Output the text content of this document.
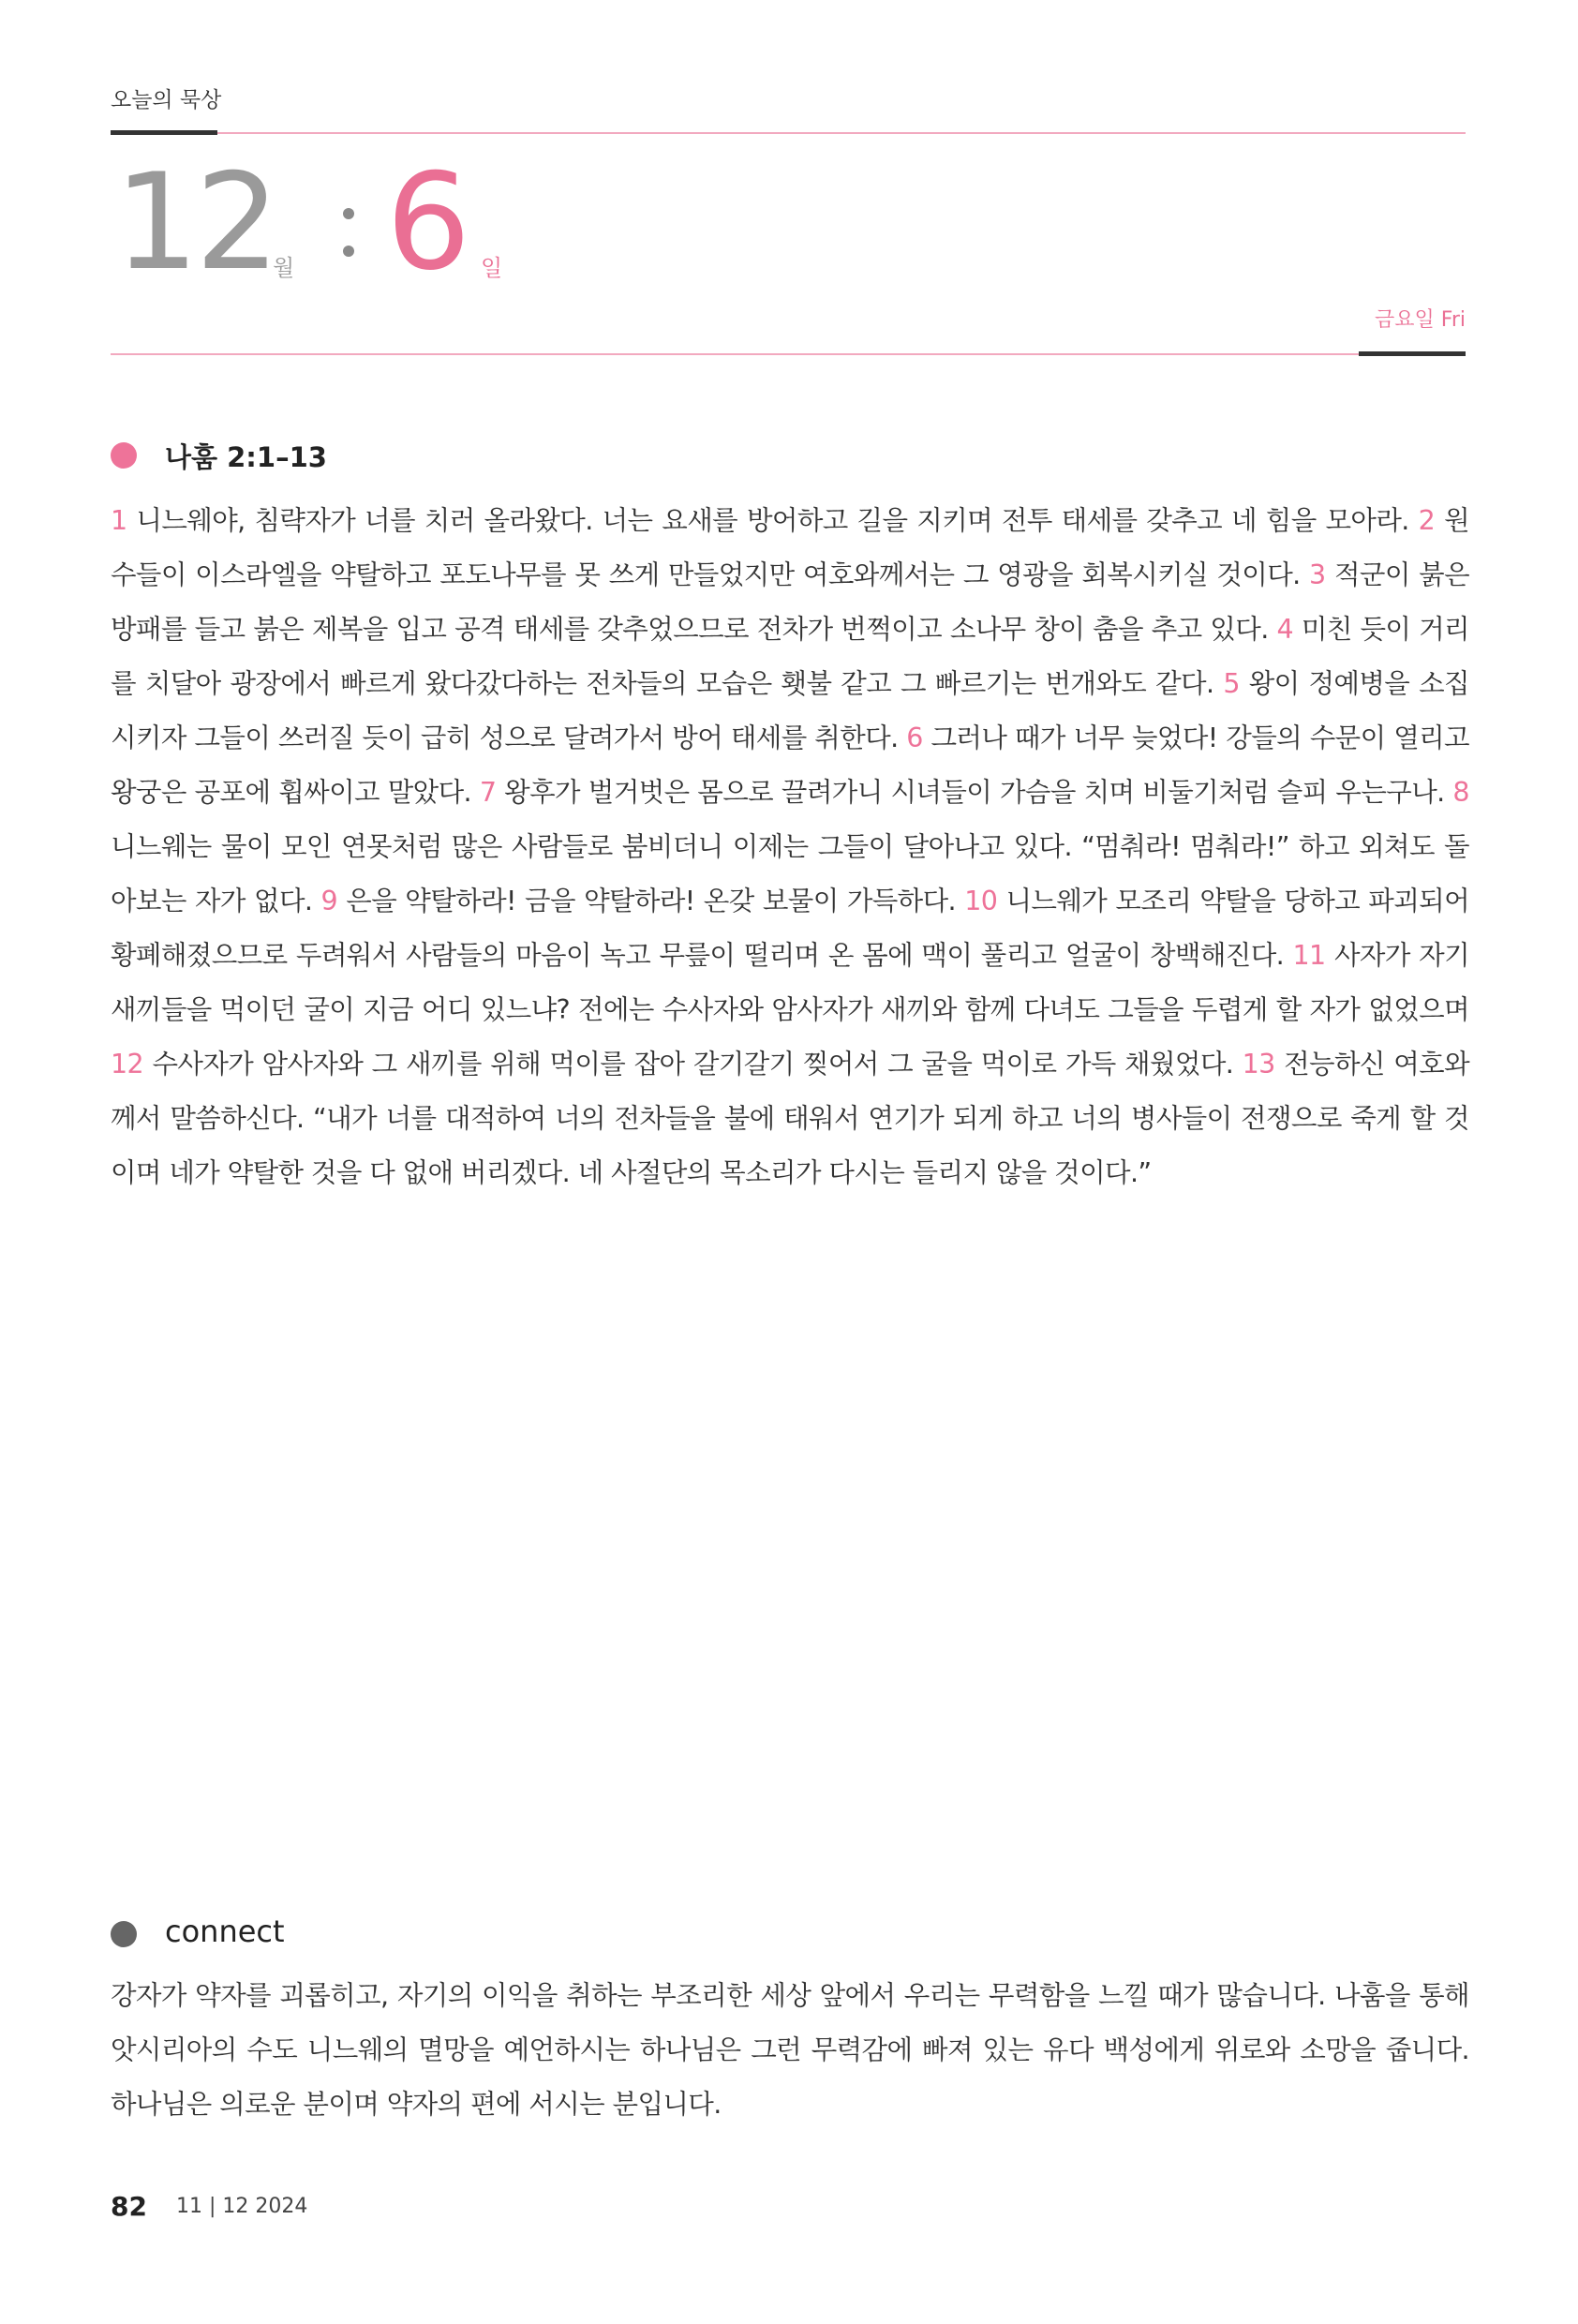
오늘의 묵상
12
월 6 일
금요일 Fri
나훔 2:1–13
1 니느웨야, 침략자가 너를 치러 올라왔다. 너는 요새를 방어하고 길을 지키며 전투 태세를 갖추고 네 힘을 모아라. 2 원수들이 이스라엘을 약탈하고 포도나무를 못 쓰게 만들었지만 여호와께서는 그 영광을 회복시키실 것이다. 3 적군이 붉은 방패를 들고 붉은 제복을 입고 공격 태세를 갖추었으므로 전차가 번쩍이고 소나무 창이 춤을 추고 있다. 4 미친 듯이 거리를 치달아 광장에서 빠르게 왔다갔다하는 전차들의 모습은 횃불 같고 그 빠르기는 번개와도 같다. 5 왕이 정예병을 소집시키자 그들이 쓰러질 듯이 급히 성으로 달려가서 방어 태세를 취한다. 6 그러나 때가 너무 늦었다! 강들의 수문이 열리고 왕궁은 공포에 휩싸이고 말았다. 7 왕후가 벌거벗은 몸으로 끌려가니 시녀들이 가슴을 치며 비둘기처럼 슬피 우는구나. 8 니느웨는 물이 모인 연못처럼 많은 사람들로 붐비더니 이제는 그들이 달아나고 있다. “멈춰라! 멈춰라!” 하고 외쳐도 돌아보는 자가 없다. 9 은을 약탈하라! 금을 약탈하라! 온갖 보물이 가득하다. 10 니느웨가 모조리 약탈을 당하고 파괴되어 황폐해졌으므로 두려워서 사람들의 마음이 녹고 무릎이 떨리며 온 몸에 맥이 풀리고 얼굴이 창백해진다. 11 사자가 자기 새끼들을 먹이던 굴이 지금 어디 있느냐? 전에는 수사자와 암사자가 새끼와 함께 다녀도 그들을 두렵게 할 자가 없었으며 12 수사자가 암사자와 그 새끼를 위해 먹이를 잡아 갈기갈기 찢어서 그 굴을 먹이로 가득 채웠었다. 13 전능하신 여호와께서 말씀하신다. “내가 너를 대적하여 너의 전차들을 불에 태워서 연기가 되게 하고 너의 병사들이 전쟁으로 죽게 할 것이며 네가 약탈한 것을 다 없애 버리겠다. 네 사절단의 목소리가 다시는 들리지 않을 것이다.”
connect
강자가 약자를 괴롭히고, 자기의 이익을 취하는 부조리한 세상 앞에서 우리는 무력함을 느낄 때가 많습니다. 나훔을 통해 앗시리아의 수도 니느웨의 멸망을 예언하시는 하나님은 그런 무력감에 빠져 있는 유다 백성에게 위로와 소망을 줍니다. 하나님은 의로운 분이며 약자의 편에 서시는 분입니다.
82 11 | 12 2024
